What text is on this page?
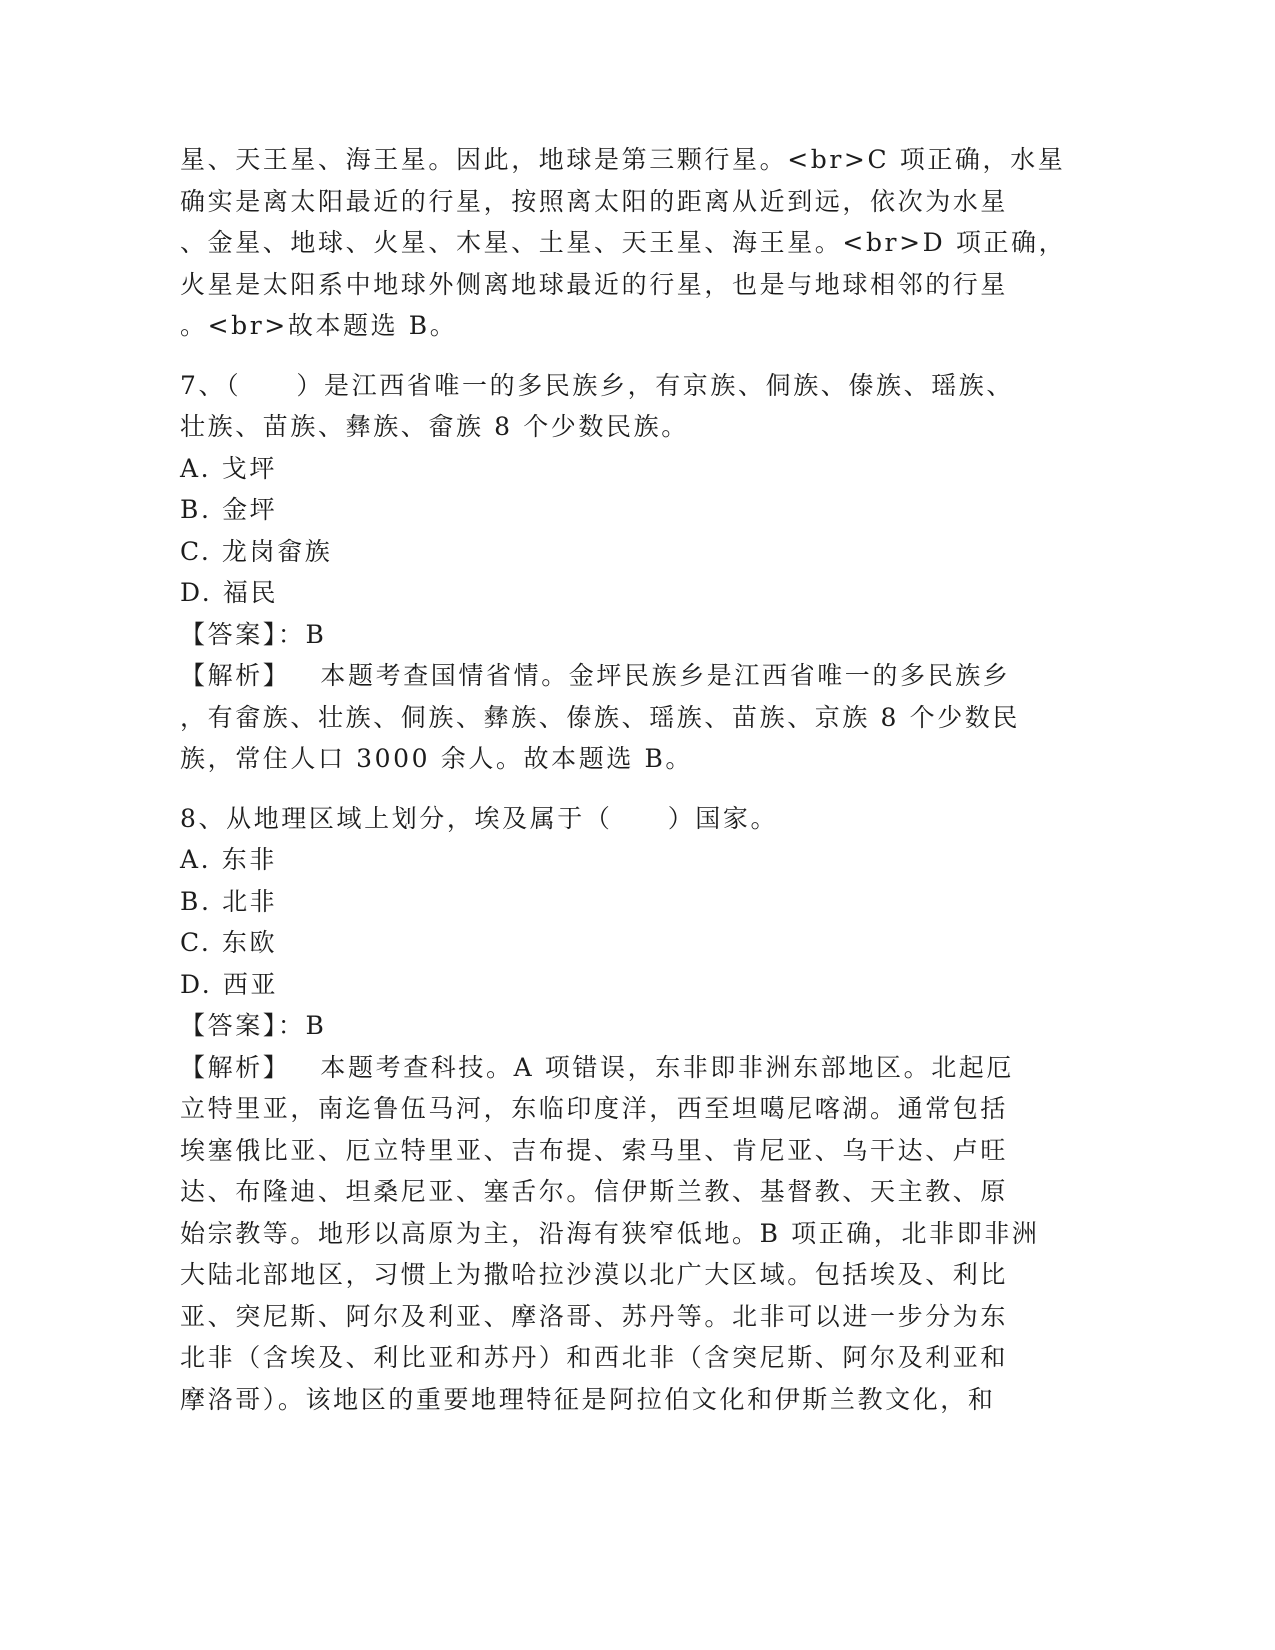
星、天王星、海王星。因此，地球是第三颗行星。<br>C 项正确，水星
确实是离太阳最近的行星，按照离太阳的距离从近到远，依次为水星
、金星、地球、火星、木星、土星、天王星、海王星。<br>D 项正确，
火星是太阳系中地球外侧离地球最近的行星，也是与地球相邻的行星
。<br>故本题选 B。
7、（　　）是江西省唯一的多民族乡，有京族、侗族、傣族、瑶族、
壮族、苗族、彝族、畲族 8 个少数民族。
A. 戈坪
B. 金坪
C. 龙岗畲族
D. 福民
【答案】：B
【解析】 本题考查国情省情。金坪民族乡是江西省唯一的多民族乡
，有畲族、壮族、侗族、彝族、傣族、瑶族、苗族、京族 8 个少数民
族，常住人口 3000 余人。故本题选 B。
8、从地理区域上划分，埃及属于（　　）国家。
A. 东非
B. 北非
C. 东欧
D. 西亚
【答案】：B
【解析】 本题考查科技。A 项错误，东非即非洲东部地区。北起厄
立特里亚，南迄鲁伍马河，东临印度洋，西至坦噶尼喀湖。通常包括
埃塞俄比亚、厄立特里亚、吉布提、索马里、肯尼亚、乌干达、卢旺
达、布隆迪、坦桑尼亚、塞舌尔。信伊斯兰教、基督教、天主教、原
始宗教等。地形以高原为主，沿海有狭窄低地。B 项正确，北非即非洲
大陆北部地区，习惯上为撒哈拉沙漠以北广大区域。包括埃及、利比
亚、突尼斯、阿尔及利亚、摩洛哥、苏丹等。北非可以进一步分为东
北非（含埃及、利比亚和苏丹）和西北非（含突尼斯、阿尔及利亚和
摩洛哥）。该地区的重要地理特征是阿拉伯文化和伊斯兰教文化，和
